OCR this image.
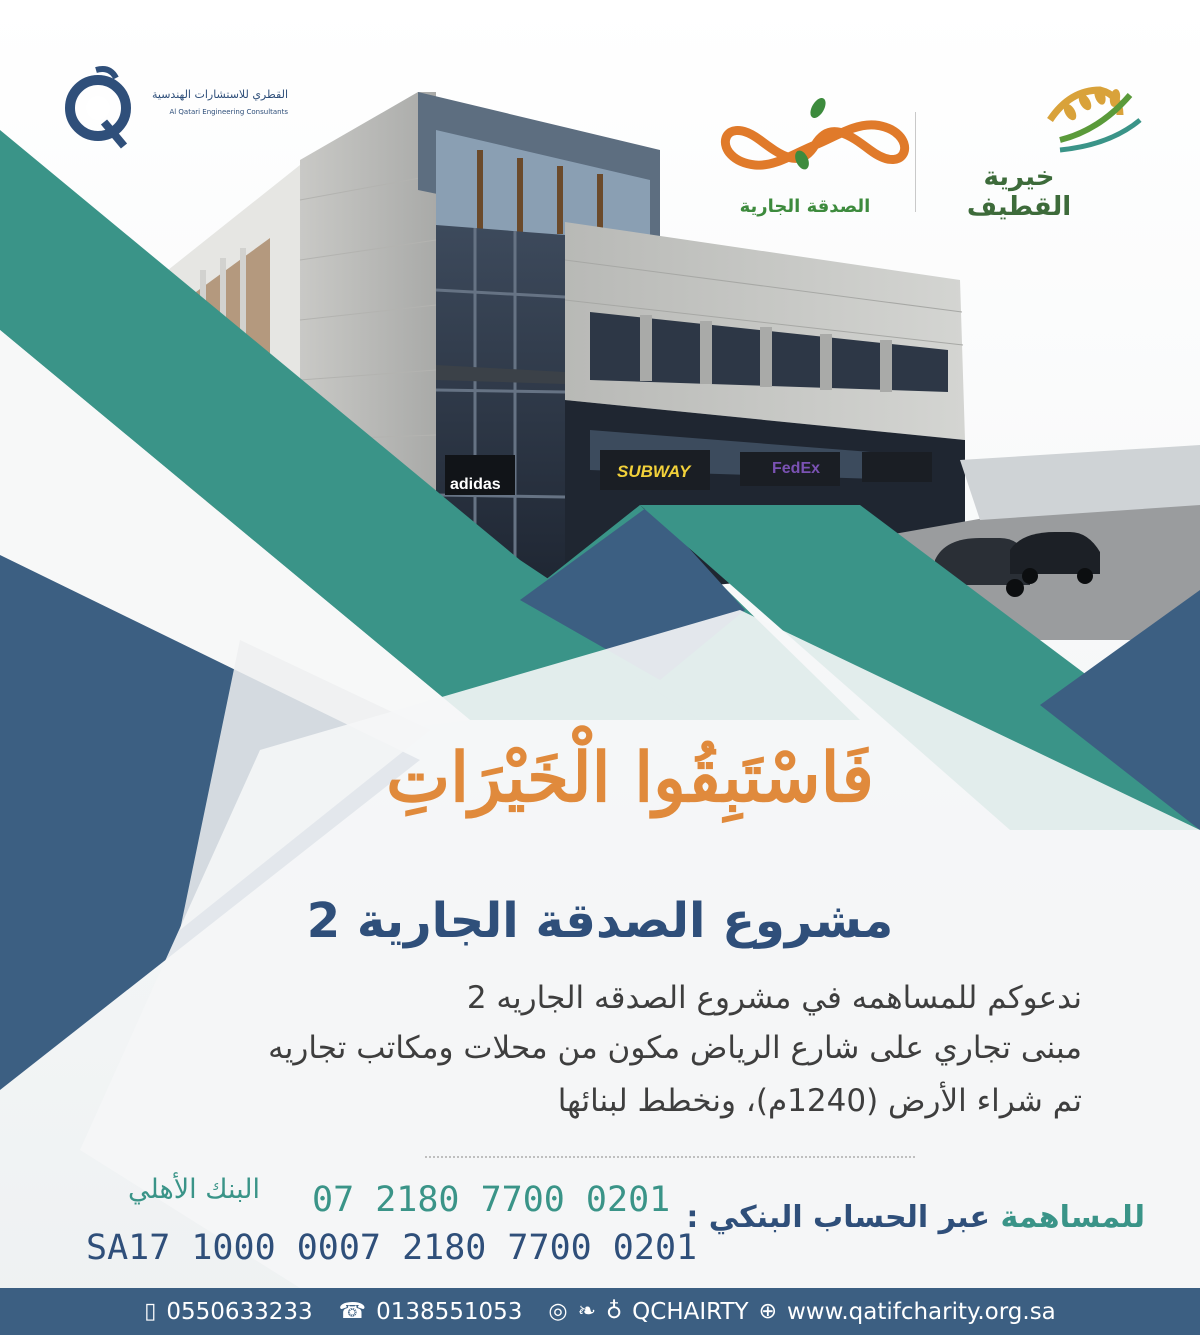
القطري للاستشارات الهندسية
Al Qatari Engineering Consultants
الصدقة الجارية
خيرية القطيف
adidas
SUBWAY	FedEx
فَاسْتَبِقُوا الْخَيْرَاتِ
مشروع الصدقة الجارية 2
ندعوكم للمساهمه في مشروع الصدقه الجاريه 2
مبنى تجاري على شارع الرياض مكون من محلات ومكاتب تجاريه
تم شراء الأرض (1240م)، ونخطط لبنائها
للمساهمة عبر الحساب البنكي :
البنك الأهلي 07 2180 7700 0201
SA17 1000 0007 2180 7700 0201
▯ 0550633233 ☎ 0138551053 ◎ ❧ ♁ QCHAIRTY ⊕ www.qatifcharity.org.sa
